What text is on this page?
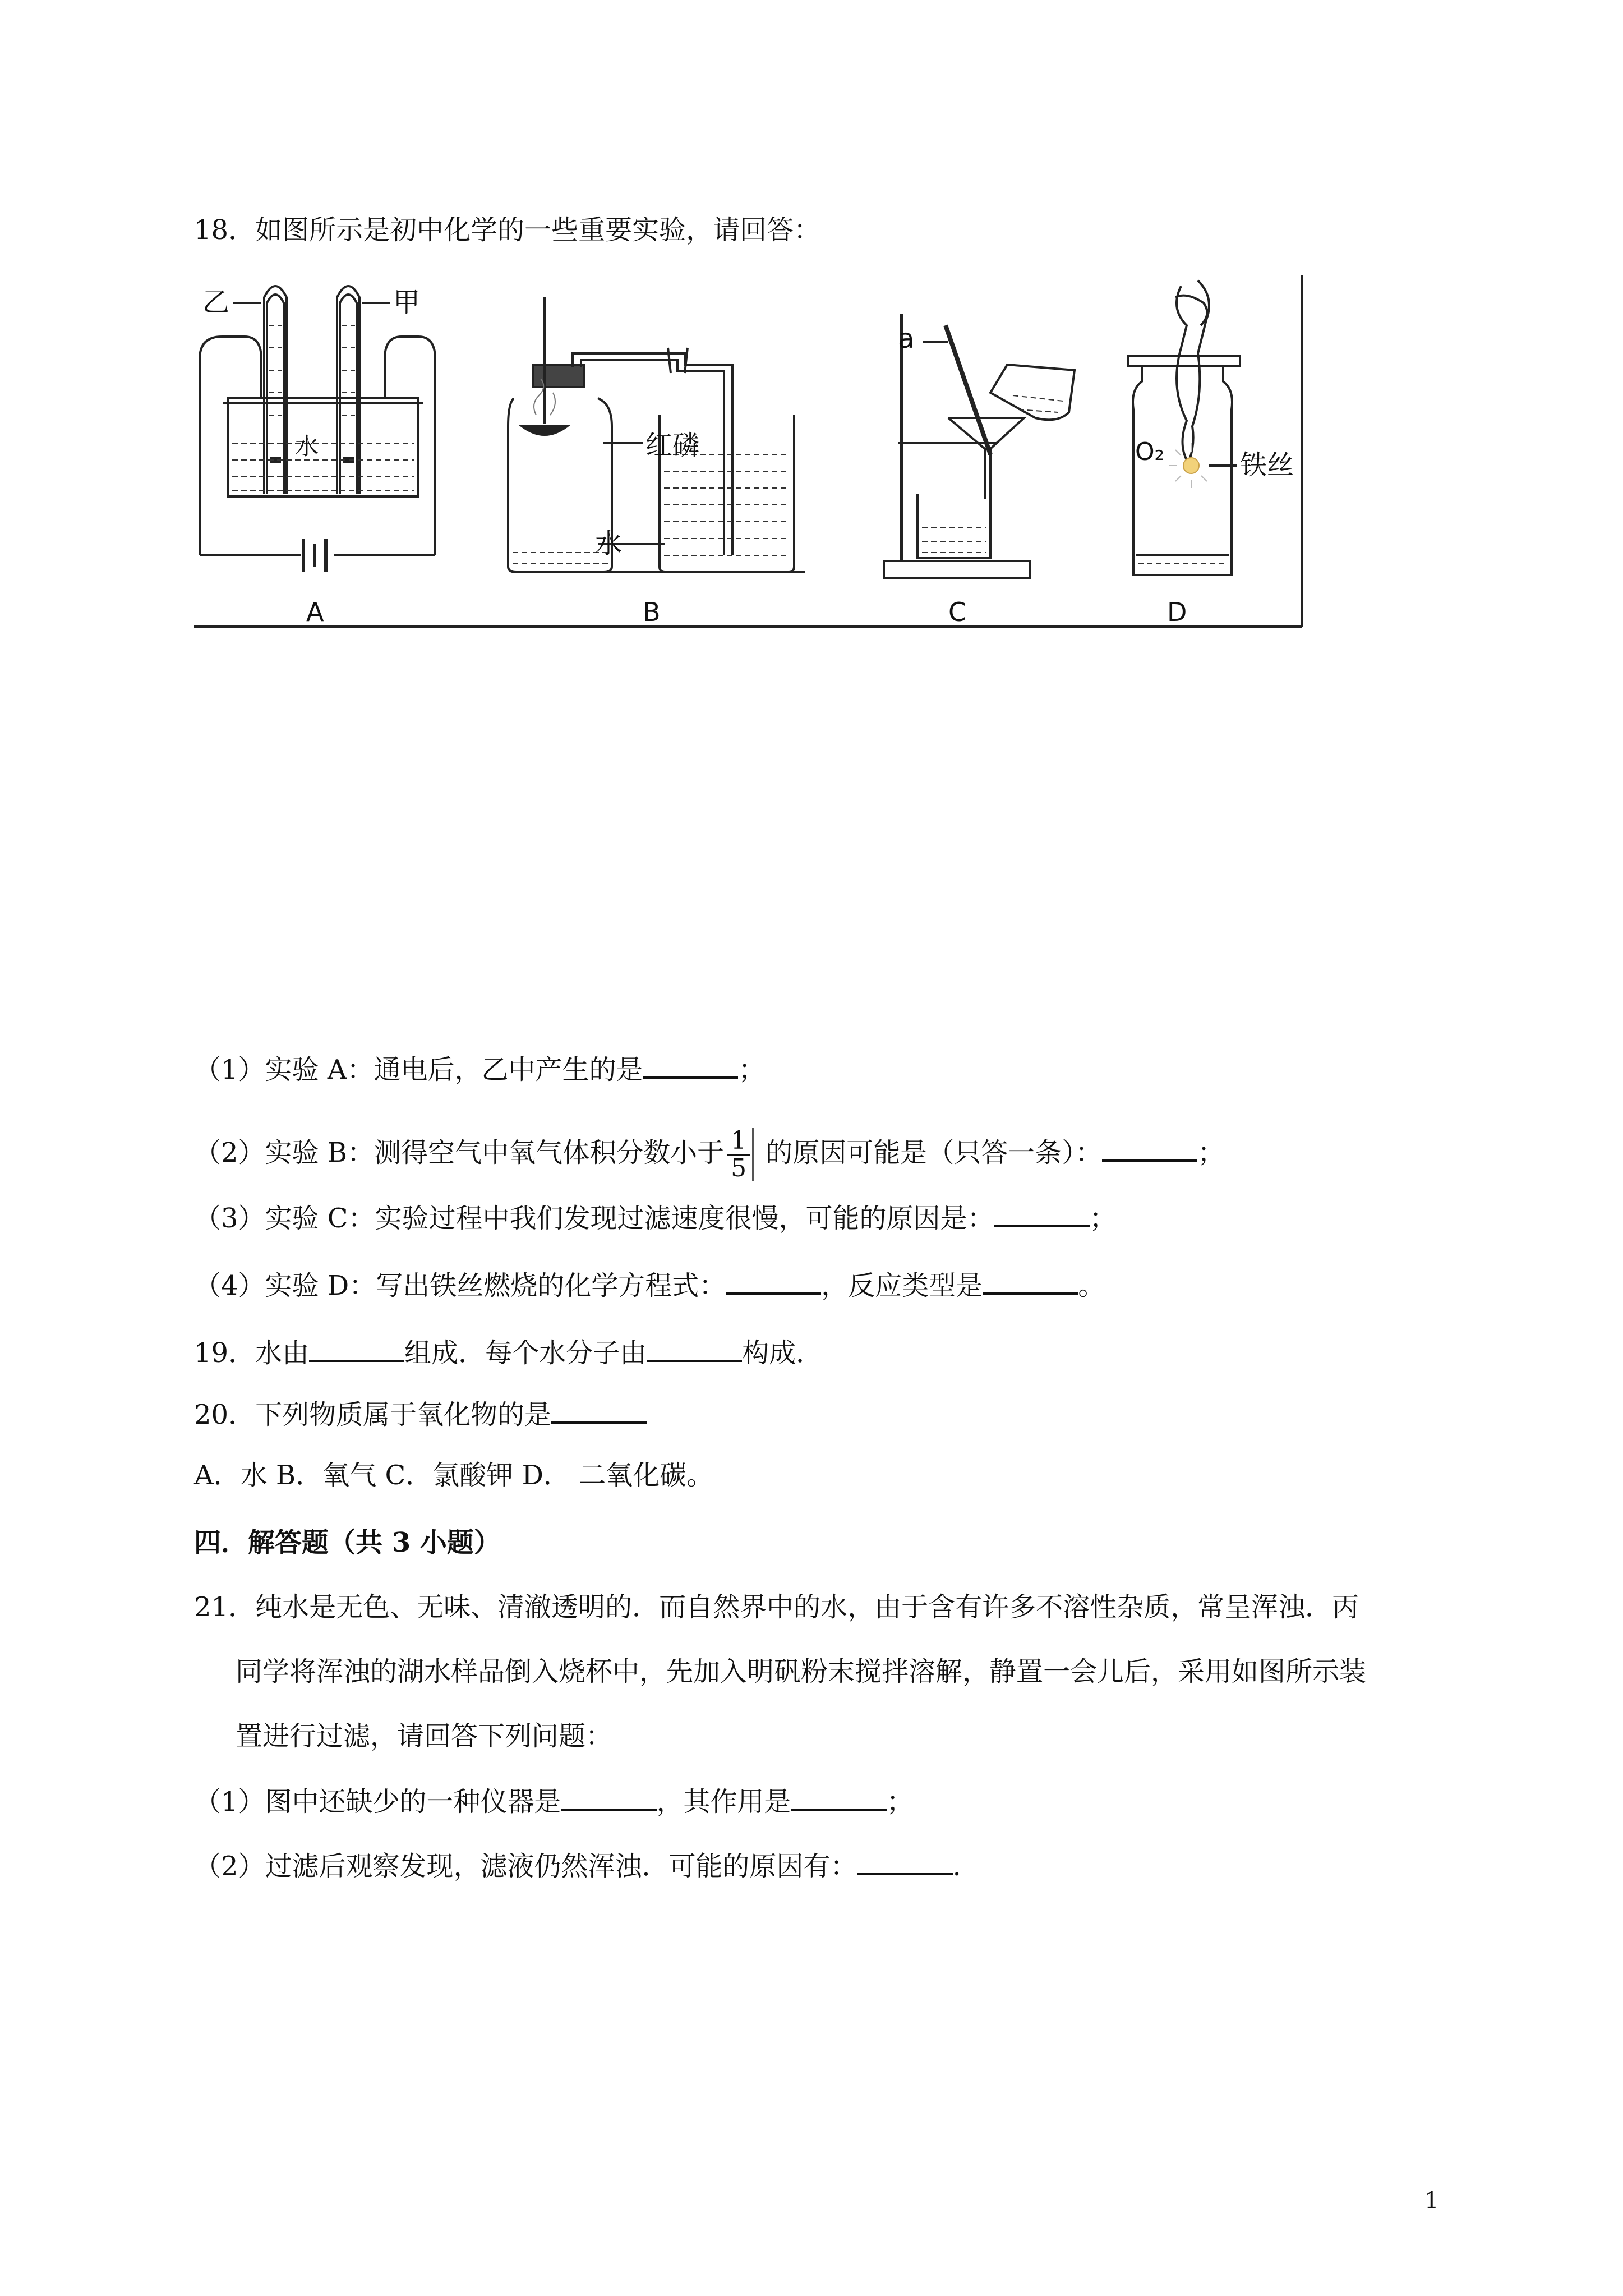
18．如图所示是初中化学的一些重要实验，请回答：
乙	甲
水	红磷
水
a
O₂	铁丝
A	B	C	D
（1）实验 A：通电后，乙中产生的是	；
（2）实验 B：测得空气中氧气体积分数小于 $\frac{1}{5}$ 的原因可能是（只答一条）：	；
（3）实验 C：实验过程中我们发现过滤速度很慢，可能的原因是：	；
（4）实验 D：写出铁丝燃烧的化学方程式：	，反应类型是	。
19．水由	组成．每个水分子由	构成．
20．下列物质属于氧化物的是
A．水 B．氧气 C．氯酸钾 D． 二氧化碳。
四．解答题（共 3 小题）
21．纯水是无色、无味、清澈透明的．而自然界中的水，由于含有许多不溶性杂质，常呈浑浊．丙
同学将浑浊的湖水样品倒入烧杯中，先加入明矾粉末搅拌溶解，静置一会儿后，采用如图所示装
置进行过滤，请回答下列问题：
（1）图中还缺少的一种仪器是	，其作用是	；
（2）过滤后观察发现，滤液仍然浑浊．可能的原因有：	.
1
